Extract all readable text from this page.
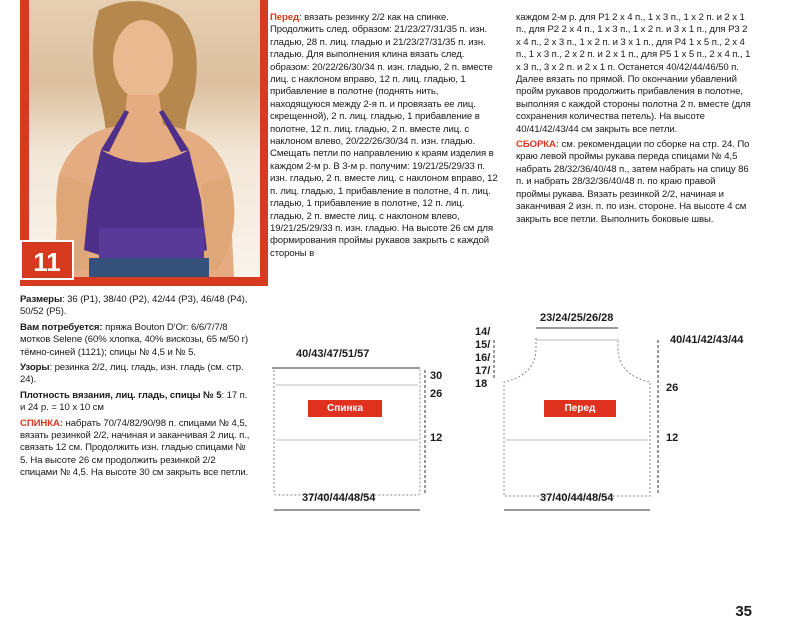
11

Размеры: 36 (Р1), 38/40 (Р2), 42/44 (Р3), 46/48 (Р4), 50/52 (Р5).

Вам потребуется: пряжа Bouton D'Or: 6/6/7/7/8 мотков Selene (60% хлопка, 40% вискозы, 65 м/50 г) тёмно-синей (1121); спицы № 4,5 и № 5.

Узоры: резинка 2/2, лиц. гладь, изн. гладь (см. стр. 24).

Плотность вязания, лиц. гладь, спицы № 5: 17 п. и 24 р. = 10 х 10 см

СПИНКА: набрать 70/74/82/90/98 п. спицами № 4,5, вязать резинкой 2/2, начиная и заканчивая 2 лиц. п., связать 12 см. Продолжить изн. гладью спицами № 5. На высоте 26 см продолжить резинкой 2/2 спицами № 4,5. На высоте 30 см закрыть все петли.

Перед: вязать резинку 2/2 как на спинке. Продолжить след. образом: 21/23/27/31/35 п. изн. гладью, 28 п. лиц. гладью и 21/23/27/31/35 п. изн. гладью. Для выполнения клина вязать след. образом: 20/22/26/30/34 п. изн. гладью, 2 п. вместе лиц. с наклоном вправо, 12 п. лиц. гладью, 1 прибавление в полотне (поднять нить, находящуюся между 2-я п. и провязать ее лиц. скрещенной), 2 п. лиц. гладью, 1 прибавление в полотне, 12 п. лиц. гладью, 2 п. вместе лиц. с наклоном влево, 20/22/26/30/34 п. изн. гладью. Смещать петли по направлению к краям изделия в каждом 2-м р. В 3-м р. получим: 19/21/25/29/33 п. изн. гладью, 2 п. вместе лиц. с наклоном вправо, 12 п. лиц. гладью, 1 прибавление в полотне, 4 п. лиц. гладью, 1 прибавление в полотне, 12 п. лиц. гладью, 2 п. вместе лиц. с наклоном влево, 19/21/25/29/33 п. изн. гладью. На высоте 26 см для формирования проймы рукавов закрыть с каждой стороны в

каждом 2-м р. для Р1 2 х 4 п., 1 х 3 п., 1 х 2 п. и 2 х 1 п., для Р2 2 х 4 п., 1 х 3 п., 1 х 2 п. и 3 х 1 п., для Р3 2 х 4 п., 2 х 3 п., 1 х 2 п. и 3 х 1 п., для Р4 1 х 5 п., 2 х 4 п., 1 х 3 п., 2 х 2 п. и 2 х 1 п., для Р5 1 х 5 п., 2 х 4 п., 1 х 3 п., 3 х 2 п. и 2 х 1 п. Останется 40/42/44/46/50 п. Далее вязать по прямой. По окончании убавлений пройм рукавов продолжить прибавления в полотне, выполняя с каждой стороны полотна 2 п. вместе (для сохранения количества петель). На высоте 40/41/42/43/44 см закрыть все петли.

СБОРКА: см. рекомендации по сборке на стр. 24. По краю левой проймы рукава переда спицами № 4,5 набрать 28/32/36/40/48 п., затем набрать на спицу 86 п. и набрать 28/32/36/40/48 п. по краю правой проймы рукава. Вязать резинкой 2/2, начиная и заканчивая 2 изн. п. по изн. стороне. На высоте 4 см закрыть все петли. Выполнить боковые швы.

40/43/47/51/57
30
26
12
Спинка
37/40/44/48/54
23/24/25/26/28
40/41/42/43/44
14/
15/
16/
17/
18	26
12
Перед
37/40/44/48/54
35
